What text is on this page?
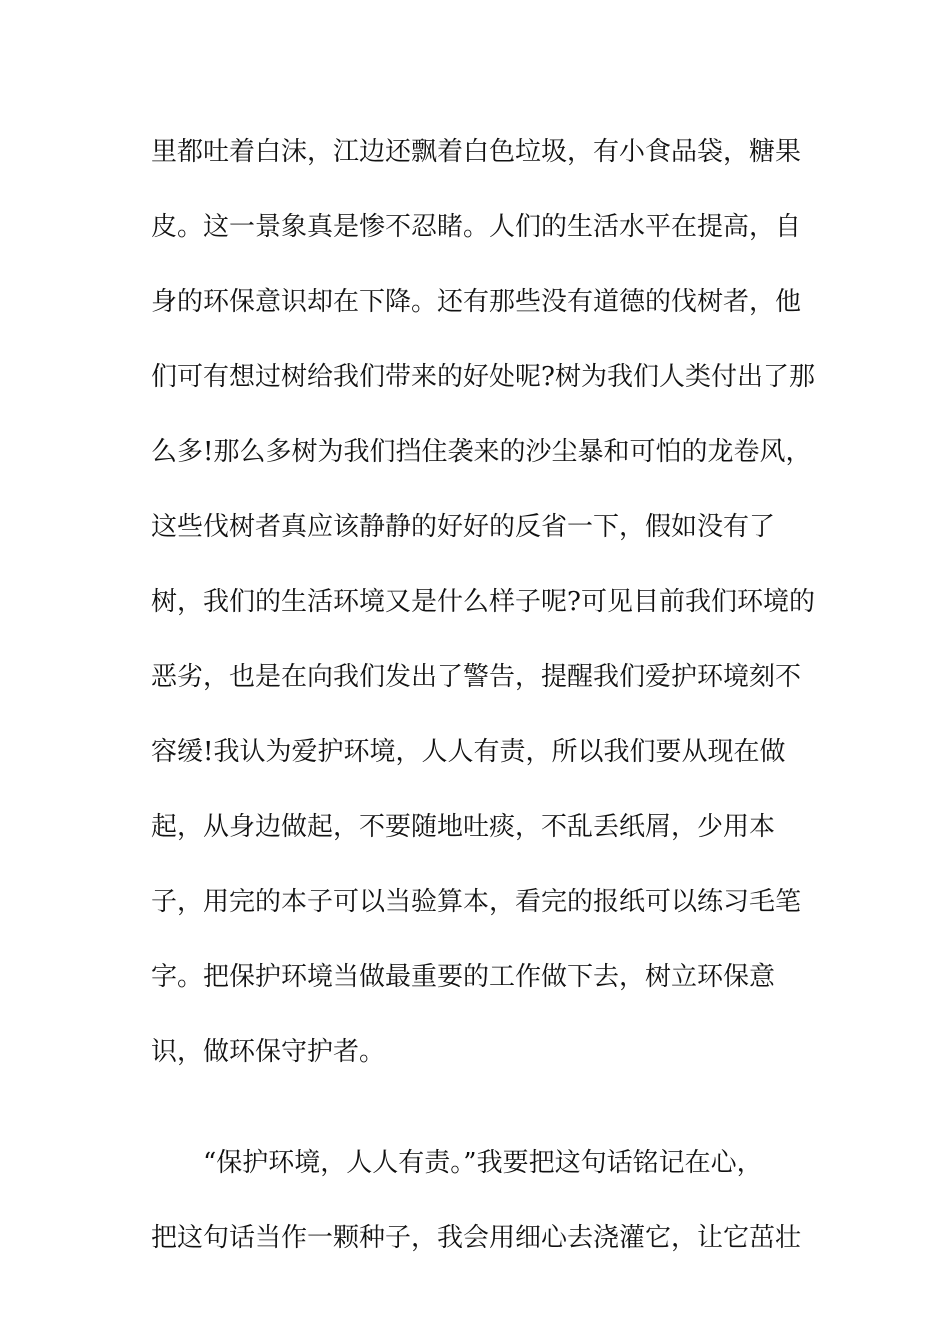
里都吐着白沫，江边还飘着白色垃圾，有小食品袋，糖果
皮。这一景象真是惨不忍睹。人们的生活水平在提高，自
身的环保意识却在下降。还有那些没有道德的伐树者，他
们可有想过树给我们带来的好处呢?树为我们人类付出了那
么多!那么多树为我们挡住袭来的沙尘暴和可怕的龙卷风，
这些伐树者真应该静静的好好的反省一下，假如没有了
树，我们的生活环境又是什么样子呢?可见目前我们环境的
恶劣，也是在向我们发出了警告，提醒我们爱护环境刻不
容缓!我认为爱护环境，人人有责，所以我们要从现在做
起，从身边做起，不要随地吐痰，不乱丢纸屑，少用本
子，用完的本子可以当验算本，看完的报纸可以练习毛笔
字。把保护环境当做最重要的工作做下去，树立环保意
识，做环保守护者。
　　“保护环境，人人有责。”我要把这句话铭记在心，
把这句话当作一颗种子，我会用细心去浇灌它，让它茁壮
